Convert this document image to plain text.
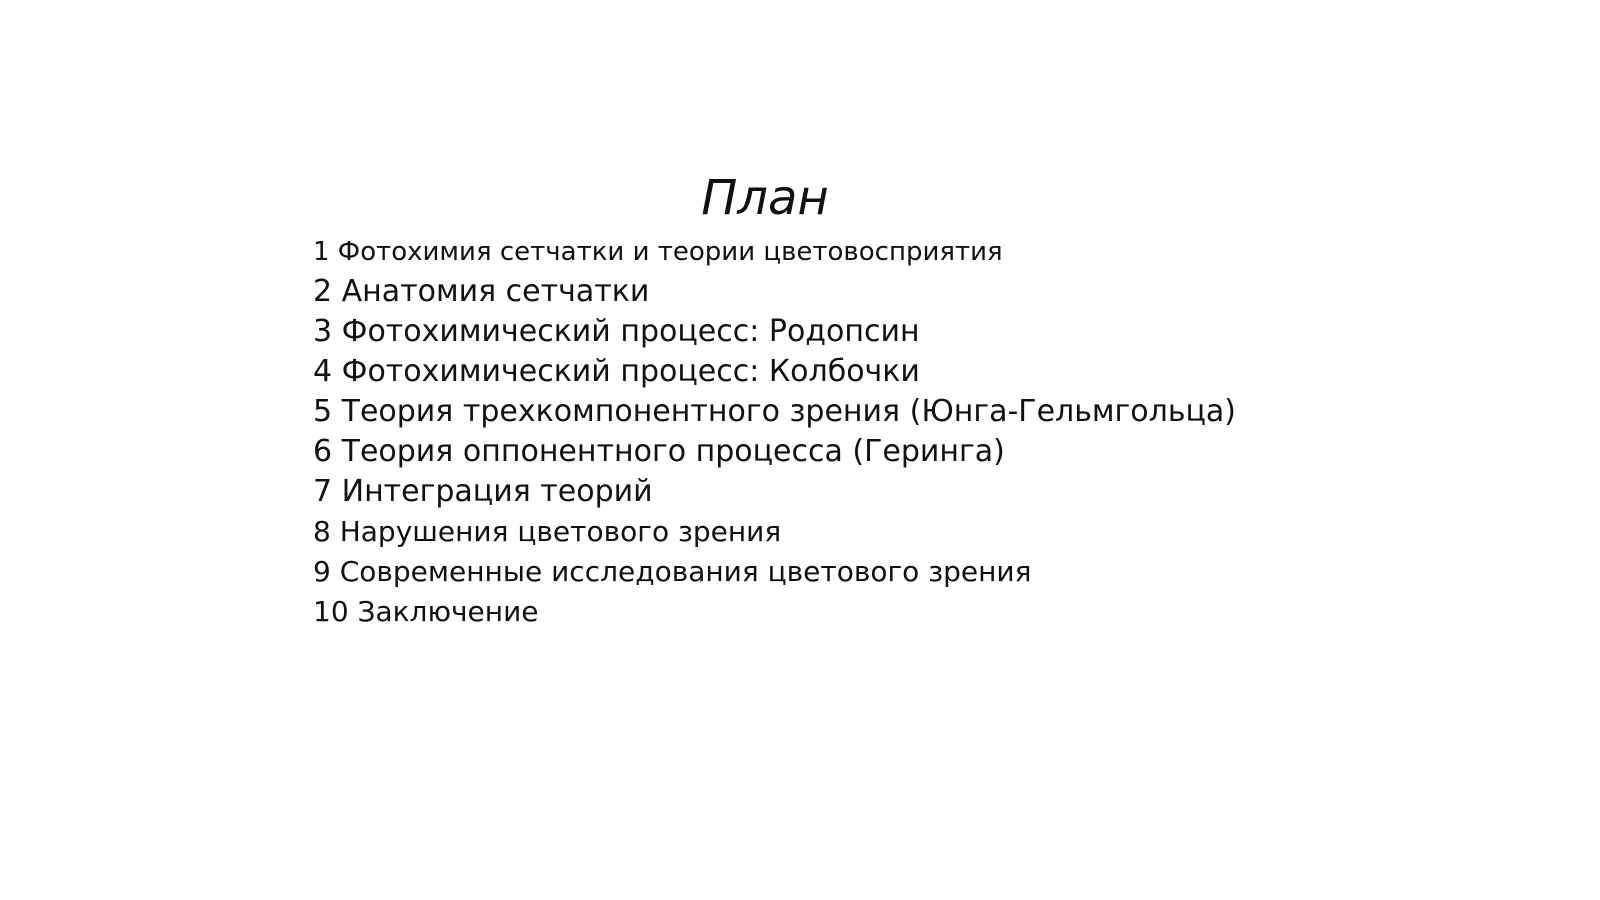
План
1 Фотохимия сетчатки и теории цветовосприятия
2 Анатомия сетчатки
3 Фотохимический процесс: Родопсин
4 Фотохимический процесс: Колбочки
5 Теория трехкомпонентного зрения (Юнга-Гельмгольца)
6 Теория оппонентного процесса (Геринга)
7 Интеграция теорий
8 Нарушения цветового зрения
9 Современные исследования цветового зрения
10 Заключение
